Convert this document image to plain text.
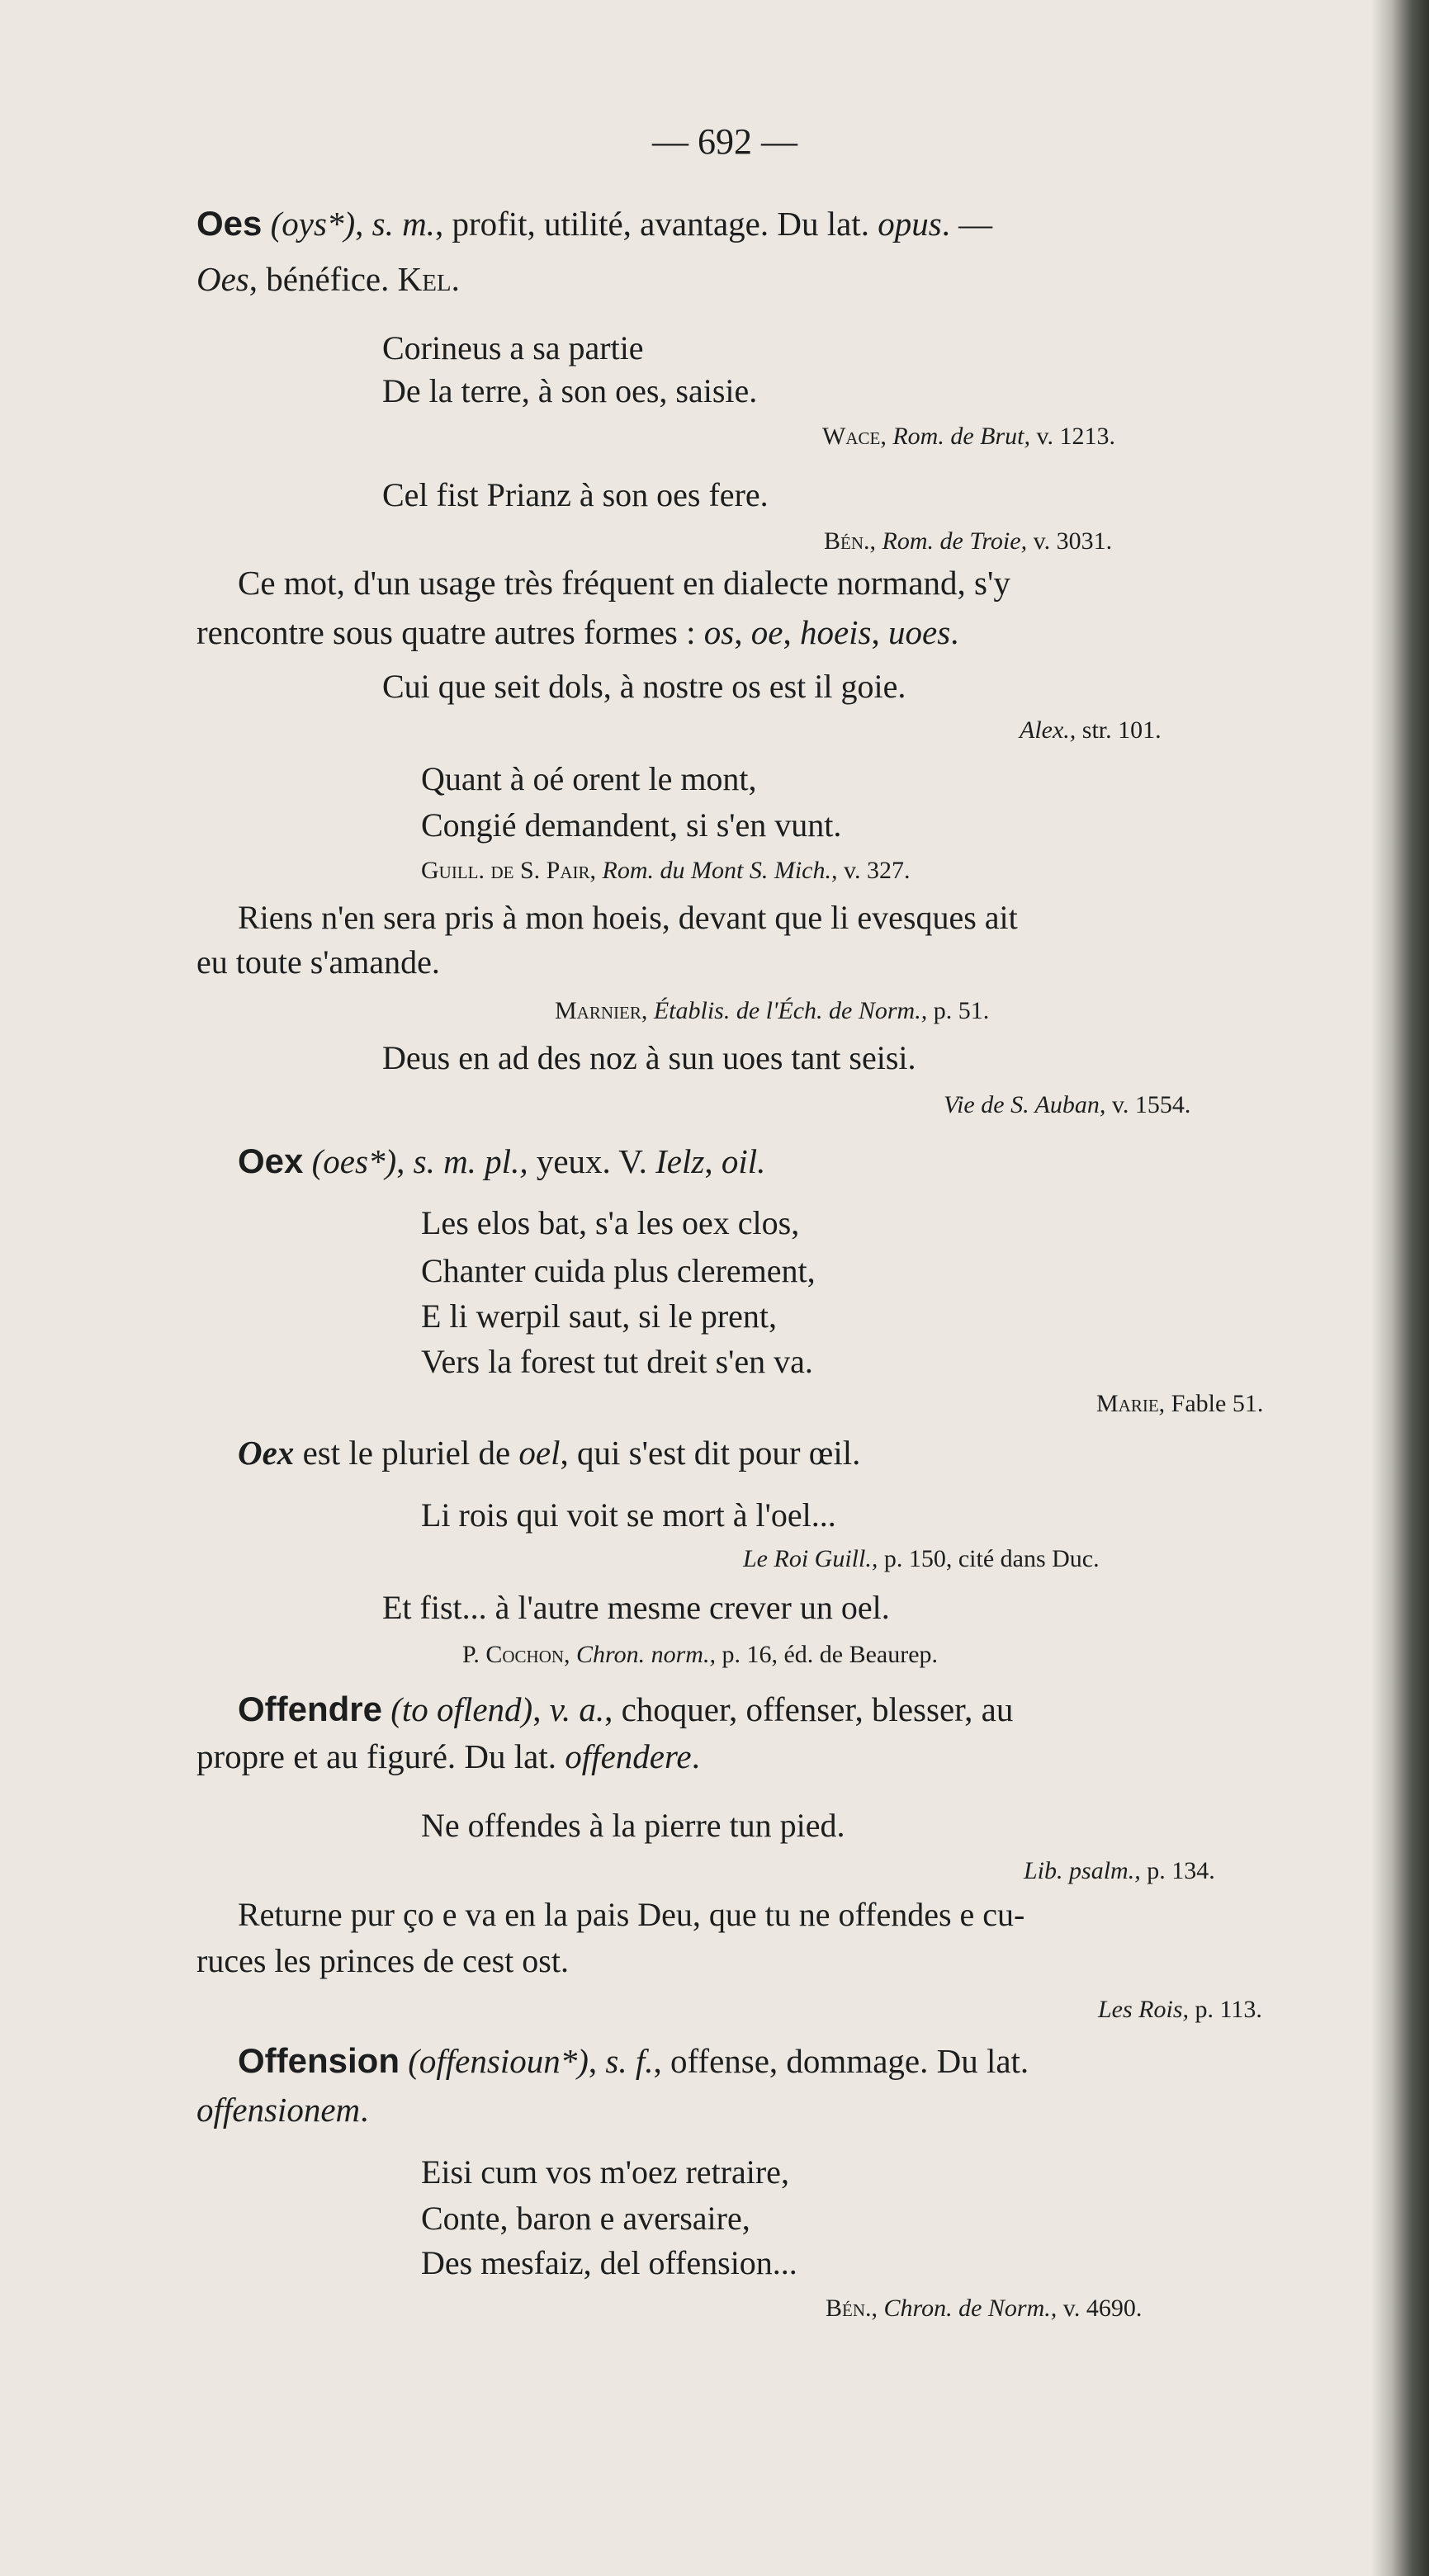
— 692 —
Oes (oys*), s. m., profit, utilité, avantage. Du lat. opus. —
Oes, bénéfice. Kel.
Corineus a sa partie
De la terre, à son oes, saisie.
Wace, Rom. de Brut, v. 1213.
Cel fist Prianz à son oes fere.
Bén., Rom. de Troie, v. 3031.
Ce mot, d'un usage très fréquent en dialecte normand, s'y
rencontre sous quatre autres formes : os, oe, hoeis, uoes.
Cui que seit dols, à nostre os est il goie.
Alex., str. 101.
Quant à oé orent le mont,
Congié demandent, si s'en vunt.
Guill. de S. Pair, Rom. du Mont S. Mich., v. 327.
Riens n'en sera pris à mon hoeis, devant que li evesques ait
eu toute s'amande.
Marnier, Établis. de l'Éch. de Norm., p. 51.
Deus en ad des noz à sun uoes tant seisi.
Vie de S. Auban, v. 1554.
Oex (oes*), s. m. pl., yeux. V. Ielz, oil.
Les elos bat, s'a les oex clos,
Chanter cuida plus clerement,
E li werpil saut, si le prent,
Vers la forest tut dreit s'en va.
Marie, Fable 51.
Oex est le pluriel de oel, qui s'est dit pour œil.
Li rois qui voit se mort à l'oel...
Le Roi Guill., p. 150, cité dans Duc.
Et fist... à l'autre mesme crever un oel.
P. Cochon, Chron. norm., p. 16, éd. de Beaurep.
Offendre (to oflend), v. a., choquer, offenser, blesser, au
propre et au figuré. Du lat. offendere.
Ne offendes à la pierre tun pied.
Lib. psalm., p. 134.
Returne pur ço e va en la pais Deu, que tu ne offendes e cu-
ruces les princes de cest ost.
Les Rois, p. 113.
Offension (offensioun*), s. f., offense, dommage. Du lat.
offensionem.
Eisi cum vos m'oez retraire,
Conte, baron e aversaire,
Des mesfaiz, del offension...
Bén., Chron. de Norm., v. 4690.
